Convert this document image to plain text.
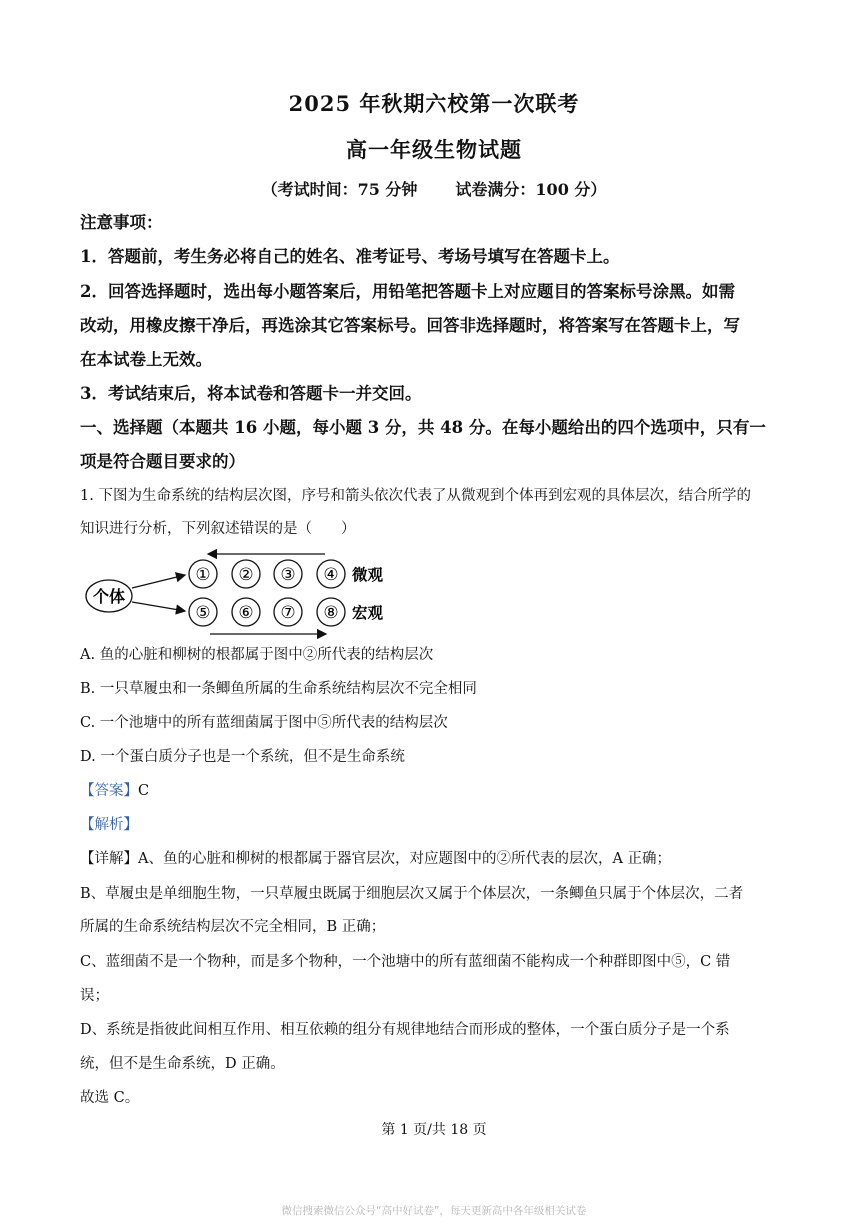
2025 年秋期六校第一次联考
高一年级生物试题
（考试时间：75 分钟 试卷满分：100 分）
注意事项：
1．答题前，考生务必将自己的姓名、准考证号、考场号填写在答题卡上。
2．回答选择题时，选出每小题答案后，用铅笔把答题卡上对应题目的答案标号涂黑。如需
改动，用橡皮擦干净后，再选涂其它答案标号。回答非选择题时，将答案写在答题卡上，写
在本试卷上无效。
3．考试结束后，将本试卷和答题卡一并交回。
一、选择题（本题共 16 小题，每小题 3 分，共 48 分。在每小题给出的四个选项中，只有一
项是符合题目要求的）
1. 下图为生命系统的结构层次图，序号和箭头依次代表了从微观到个体再到宏观的具体层次，结合所学的
知识进行分析，下列叙述错误的是（　　）
个体
① ② ③ ④ 微观
⑤ ⑥ ⑦ ⑧ 宏观
A. 鱼的心脏和柳树的根都属于图中②所代表的结构层次
B. 一只草履虫和一条鲫鱼所属的生命系统结构层次不完全相同
C. 一个池塘中的所有蓝细菌属于图中⑤所代表的结构层次
D. 一个蛋白质分子也是一个系统，但不是生命系统
【答案】C
【解析】
【详解】A、鱼的心脏和柳树的根都属于器官层次，对应题图中的②所代表的层次，A 正确；
B、草履虫是单细胞生物，一只草履虫既属于细胞层次又属于个体层次，一条鲫鱼只属于个体层次，二者
所属的生命系统结构层次不完全相同，B 正确；
C、蓝细菌不是一个物种，而是多个物种，一个池塘中的所有蓝细菌不能构成一个种群即图中⑤，C 错
误；
D、系统是指彼此间相互作用、相互依赖的组分有规律地结合而形成的整体，一个蛋白质分子是一个系
统，但不是生命系统，D 正确。
故选 C。
第 1 页/共 18 页
微信搜索微信公众号“高中好试卷”，每天更新高中各年级相关试卷
